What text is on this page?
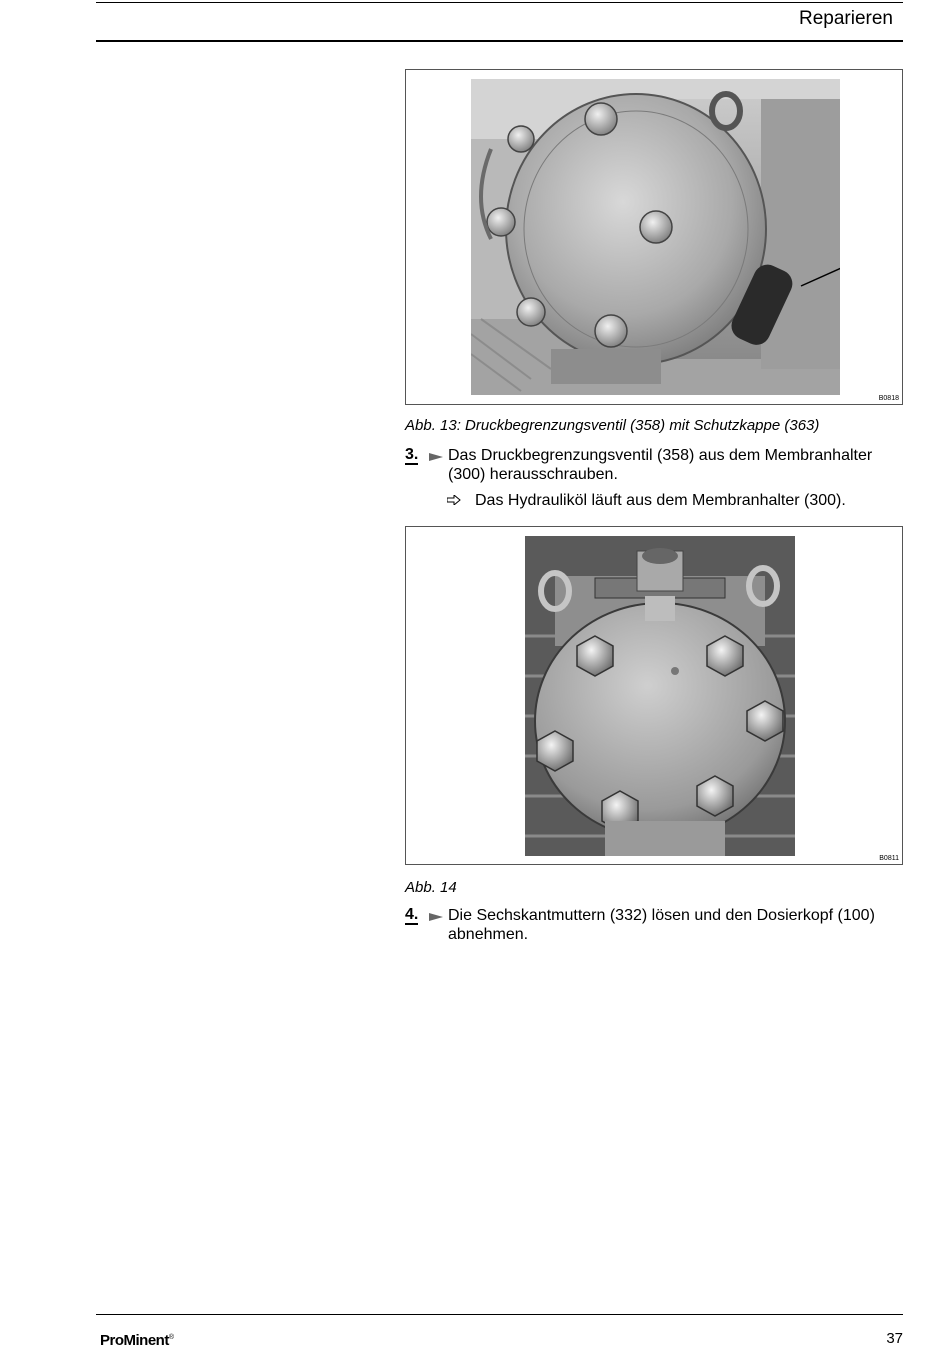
Reparieren
B0818
Abb. 13: Druckbegrenzungsventil (358) mit Schutzkappe (363)
3. Das Druckbegrenzungsventil (358) aus dem Membranhalter (300) herausschrauben.
Das Hydrauliköl läuft aus dem Membranhalter (300).
B0811
Abb. 14
4. Die Sechskantmuttern (332) lösen und den Dosierkopf (100) abnehmen.
ProMinent®	37
